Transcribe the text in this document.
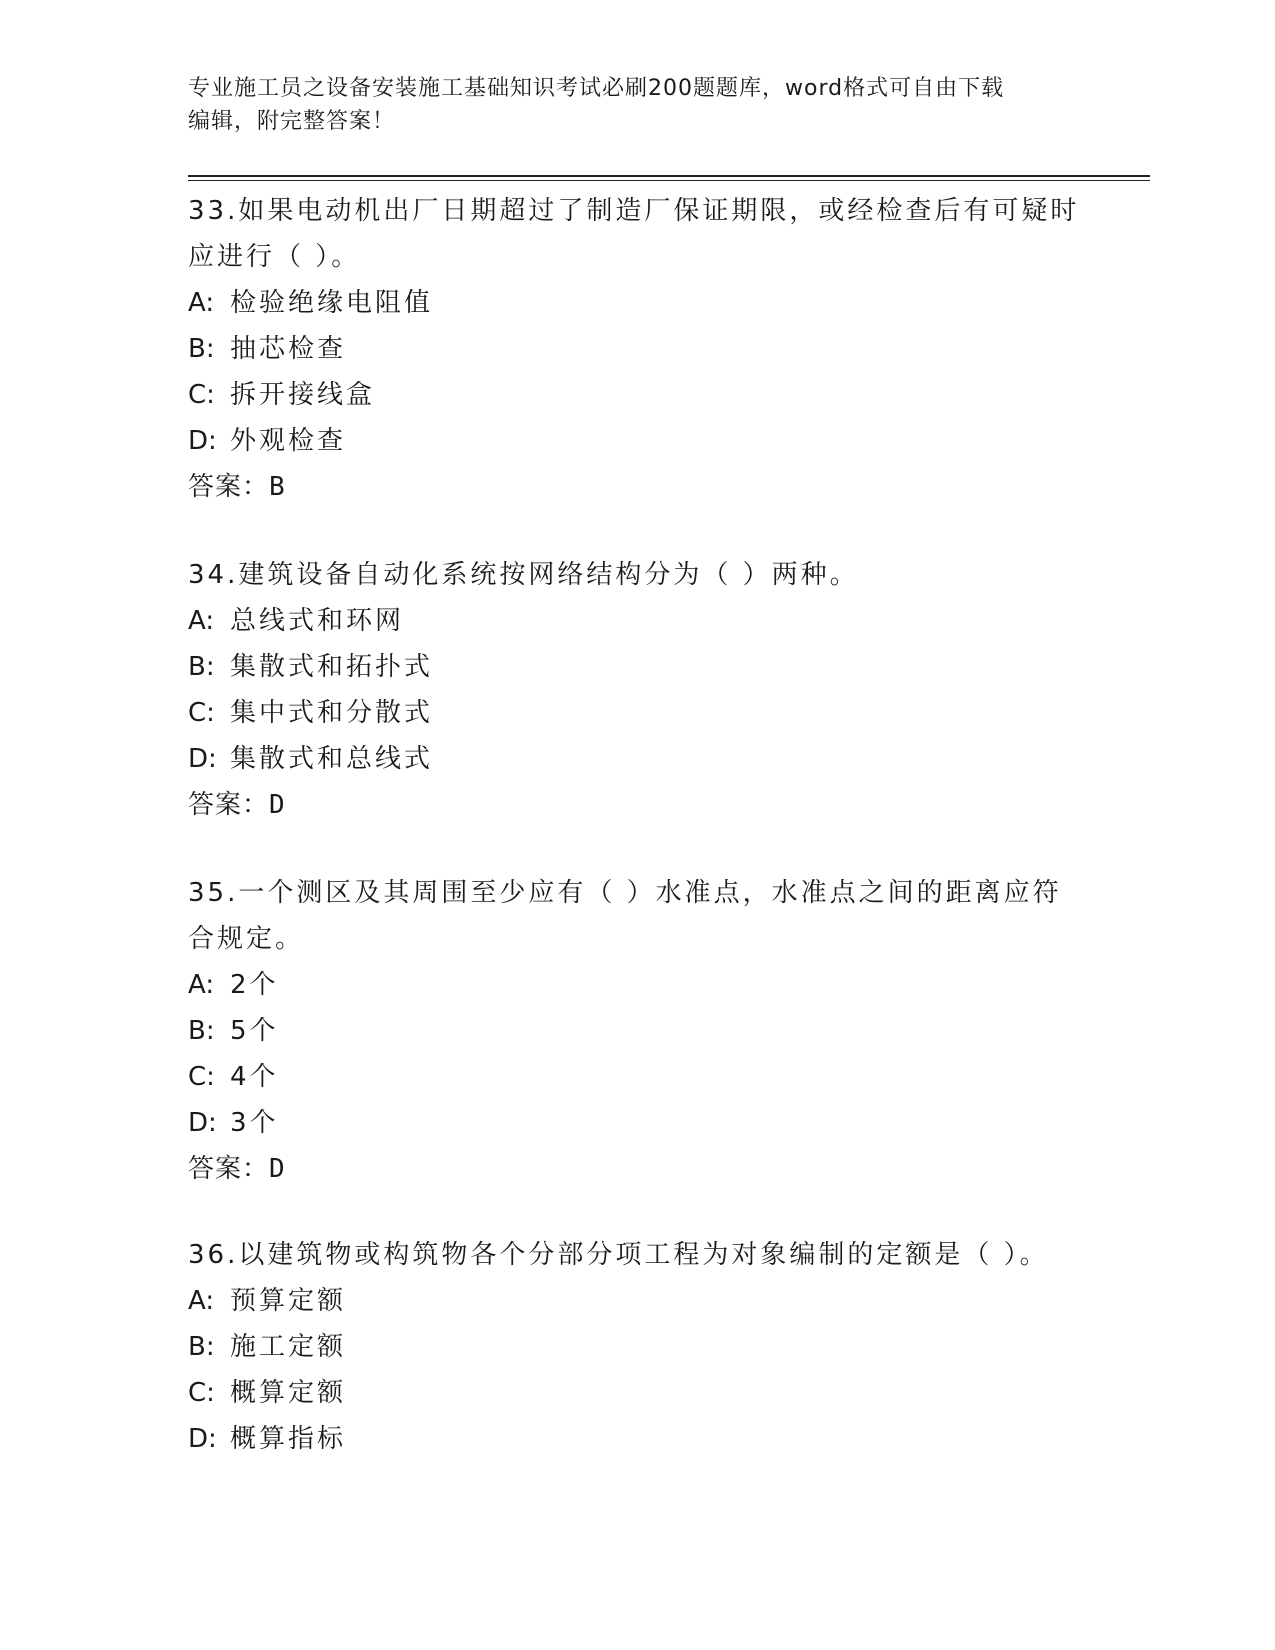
专业施工员之设备安装施工基础知识考试必刷200题题库，word格式可自由下载
编辑，附完整答案！

33.如果电动机出厂日期超过了制造厂保证期限，或经检查后有可疑时

应进行（ ）。

A: 检验绝缘电阻值

B: 抽芯检查

C: 拆开接线盒

D: 外观检查

答案：B

34.建筑设备自动化系统按网络结构分为（ ）两种。

A: 总线式和环网

B: 集散式和拓扑式

C: 集中式和分散式

D: 集散式和总线式

答案：D

35.一个测区及其周围至少应有（ ）水准点，水准点之间的距离应符

合规定。

A: 2个

B: 5个

C: 4个

D: 3个

答案：D

36.以建筑物或构筑物各个分部分项工程为对象编制的定额是（ ）。

A: 预算定额

B: 施工定额

C: 概算定额

D: 概算指标
